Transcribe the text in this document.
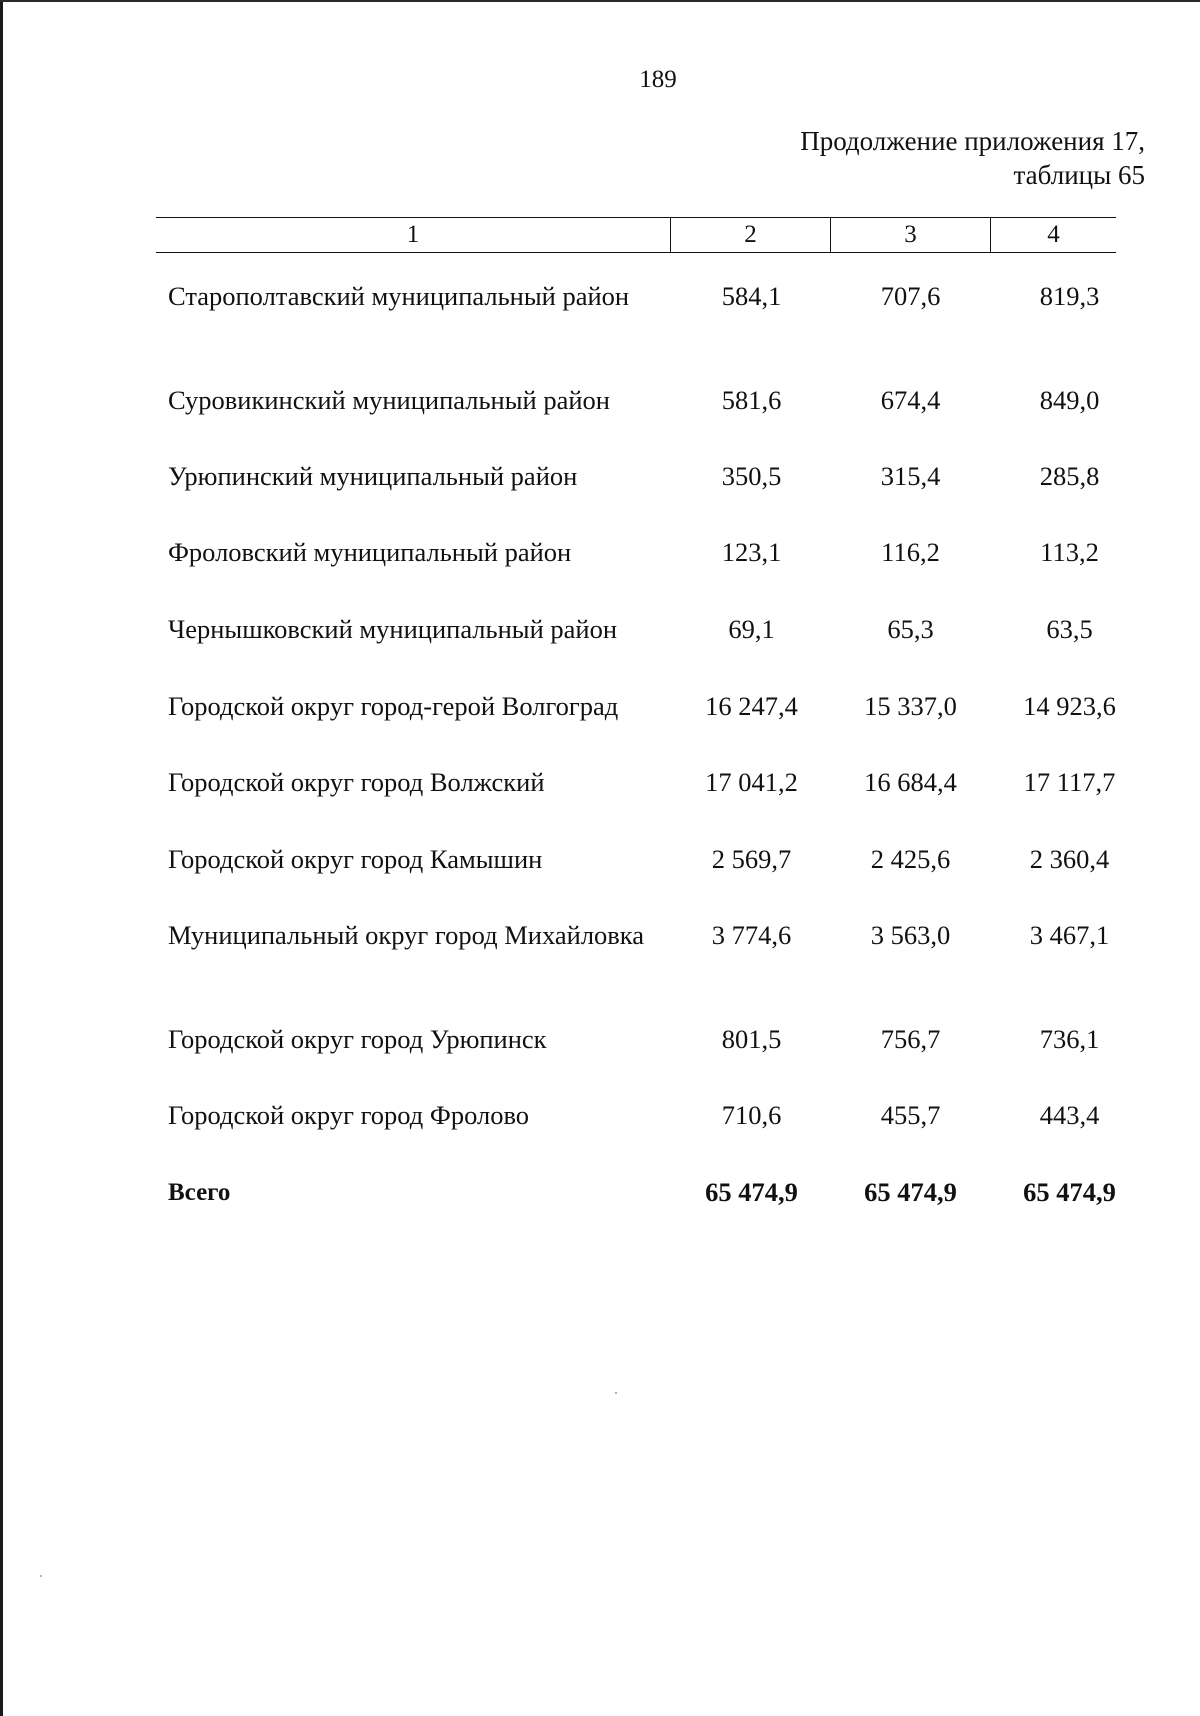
189
Продолжение приложения 17,
таблицы 65
1	2	3	4
Старополтавский муниципальный район	584,1	707,6	819,3
Суровикинский муниципальный район	581,6	674,4	849,0
Урюпинский муниципальный район	350,5	315,4	285,8
Фроловский муниципальный район	123,1	116,2	113,2
Чернышковский муниципальный район	69,1	65,3	63,5
Городской округ город-герой Волгоград	16 247,4	15 337,0	14 923,6
Городской округ город Волжский	17 041,2	16 684,4	17 117,7
Городской округ город Камышин	2 569,7	2 425,6	2 360,4
Муниципальный округ город Михайловка	3 774,6	3 563,0	3 467,1
Городской округ город Урюпинск	801,5	756,7	736,1
Городской округ город Фролово	710,6	455,7	443,4
Всего	65 474,9	65 474,9	65 474,9
